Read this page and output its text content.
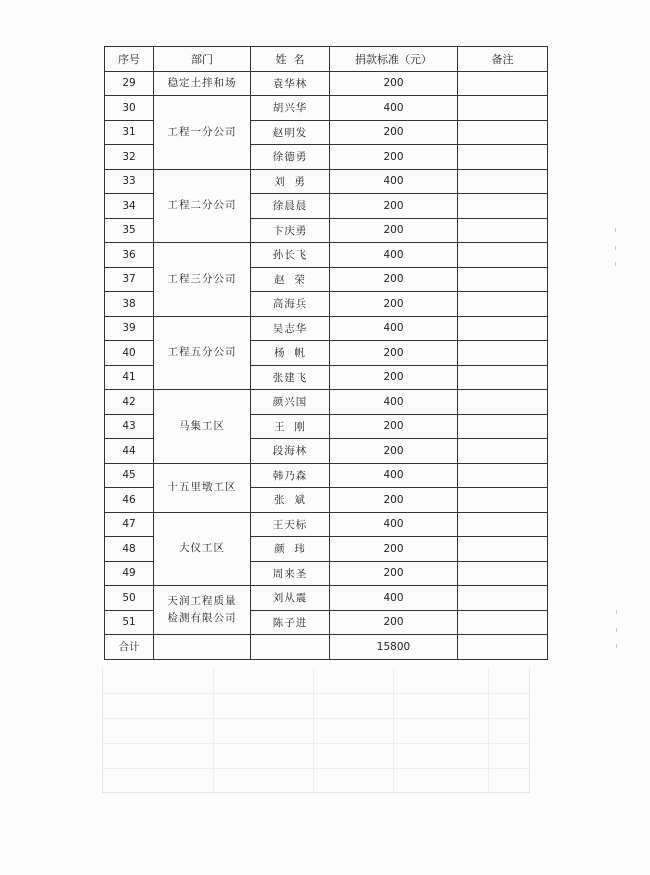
序号	部门	姓  名	捐款标准（元）	备注
29	稳定土拌和场	袁华林	200	
30	工程一分公司	胡兴华	400	
31		赵明发	200	
32		徐德勇	200	
33	工程二分公司	刘  勇	400	
34		徐晨晨	200	
35		卞庆勇	200	
36	工程三分公司	孙长飞	400	
37		赵  荣	200	
38		高海兵	200	
39	工程五分公司	吴志华	400	
40		杨  帆	200	
41		张建飞	200	
42	马集工区	颜兴国	400	
43		王  刚	200	
44		段海林	200	
45	十五里墩工区	韩乃森	400	
46		张  斌	200	
47	大仪工区	王天标	400	
48		颜  玮	200	
49		周来圣	200	
50	天润工程质量
检测有限公司	刘从震	400	
51		陈子进	200	
合计			15800	
